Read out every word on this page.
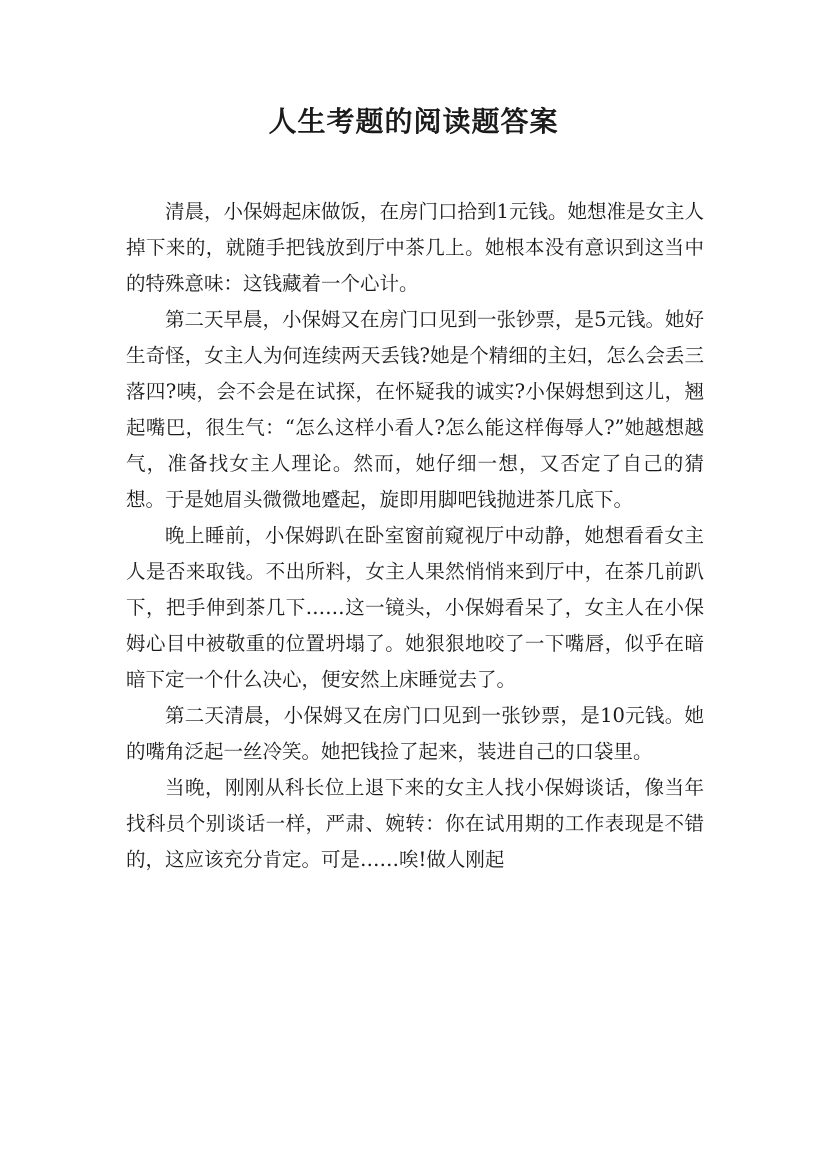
人生考题的阅读题答案

清晨，小保姆起床做饭，在房门口拾到1元钱。她想准是女主人掉下来的，就随手把钱放到厅中茶几上。她根本没有意识到这当中的特殊意味：这钱藏着一个心计。

第二天早晨，小保姆又在房门口见到一张钞票，是5元钱。她好生奇怪，女主人为何连续两天丢钱?她是个精细的主妇，怎么会丢三落四?咦，会不会是在试探，在怀疑我的诚实?小保姆想到这儿，翘起嘴巴，很生气：“怎么这样小看人?怎么能这样侮辱人?”她越想越气，准备找女主人理论。然而，她仔细一想，又否定了自己的猜想。于是她眉头微微地蹙起，旋即用脚吧钱抛进茶几底下。

晚上睡前，小保姆趴在卧室窗前窥视厅中动静，她想看看女主人是否来取钱。不出所料，女主人果然悄悄来到厅中，在茶几前趴下，把手伸到茶几下……这一镜头，小保姆看呆了，女主人在小保姆心目中被敬重的位置坍塌了。她狠狠地咬了一下嘴唇，似乎在暗暗下定一个什么决心，便安然上床睡觉去了。

第二天清晨，小保姆又在房门口见到一张钞票，是10元钱。她的嘴角泛起一丝冷笑。她把钱捡了起来，装进自己的口袋里。

当晚，刚刚从科长位上退下来的女主人找小保姆谈话，像当年找科员个别谈话一样，严肃、婉转：你在试用期的工作表现是不错的，这应该充分肯定。可是……唉!做人刚起
